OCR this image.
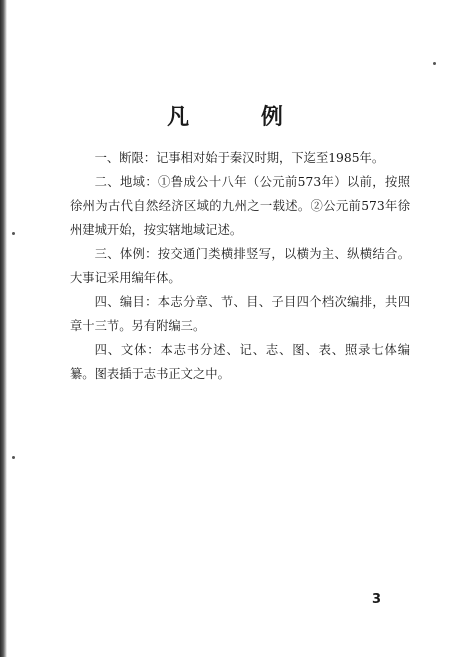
凡 例

一、断限：记事相对始于秦汉时期，下迄至1985年。

二、地域：①鲁成公十八年（公元前573年）以前，按照徐州为古代自然经济区域的九州之一载述。②公元前573年徐州建城开始，按实辖地域记述。

三、体例：按交通门类横排竖写，以横为主、纵横结合。大事记采用编年体。

四、编目：本志分章、节、目、子目四个档次编排，共四章十三节。另有附编三。

四、文体：本志书分述、记、志、图、表、照录七体编纂。图表插于志书正文之中。

3
